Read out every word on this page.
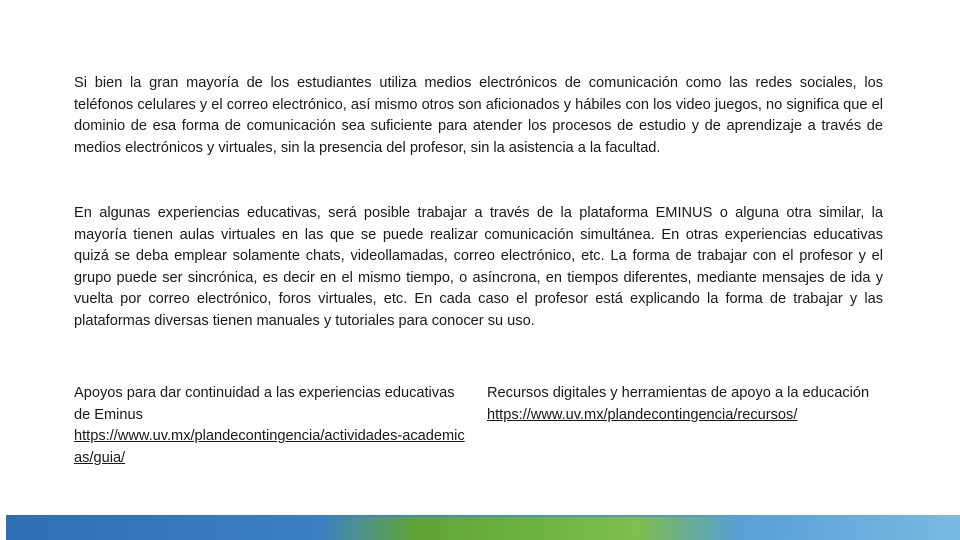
Si bien la gran mayoría de los estudiantes utiliza medios electrónicos de comunicación como las redes sociales, los teléfonos celulares y el correo electrónico, así mismo otros son aficionados y hábiles con los video juegos, no significa que el dominio de esa forma de comunicación sea suficiente para atender los procesos de estudio y de aprendizaje a través de medios electrónicos y virtuales, sin la presencia del profesor, sin la asistencia a la facultad.

En algunas experiencias educativas, será posible trabajar a través de la plataforma EMINUS o alguna otra similar, la mayoría tienen aulas virtuales en las que se puede realizar comunicación simultánea. En otras experiencias educativas quizá se deba emplear solamente chats, videollamadas, correo electrónico, etc. La forma de trabajar con el profesor y el grupo puede ser sincrónica, es decir en el mismo tiempo, o asíncrona, en tiempos diferentes, mediante mensajes de ida y vuelta por correo electrónico, foros virtuales, etc. En cada caso el profesor está explicando la forma de trabajar y las plataformas diversas tienen manuales y tutoriales para conocer su uso.

Apoyos para dar continuidad a las experiencias educativas de Eminus
https://www.uv.mx/plandecontingencia/actividades-academicas/guia/
Recursos digitales y herramientas de apoyo a la educación
https://www.uv.mx/plandecontingencia/recursos/
